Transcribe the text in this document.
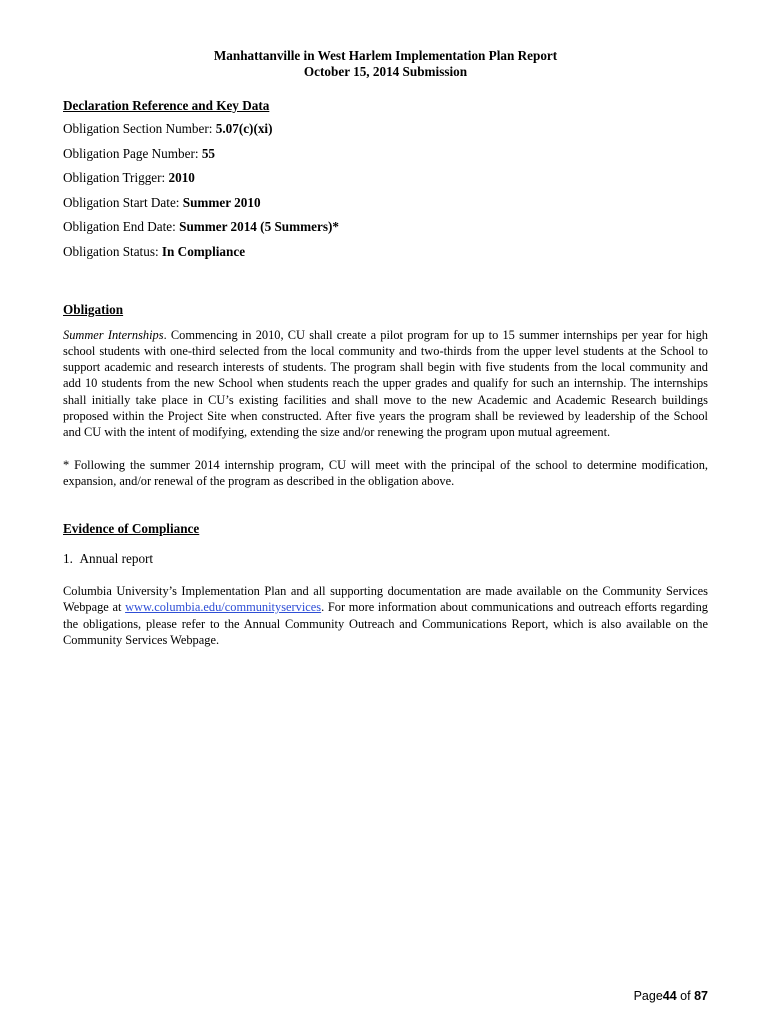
Manhattanville in West Harlem Implementation Plan Report
October 15, 2014 Submission
Declaration Reference and Key Data
Obligation Section Number: 5.07(c)(xi)
Obligation Page Number: 55
Obligation Trigger: 2010
Obligation Start Date: Summer 2010
Obligation End Date: Summer 2014 (5 Summers)*
Obligation Status: In Compliance
Obligation
Summer Internships. Commencing in 2010, CU shall create a pilot program for up to 15 summer internships per year for high school students with one-third selected from the local community and two-thirds from the upper level students at the School to support academic and research interests of students. The program shall begin with five students from the local community and add 10 students from the new School when students reach the upper grades and qualify for such an internship. The internships shall initially take place in CU’s existing facilities and shall move to the new Academic and Academic Research buildings proposed within the Project Site when constructed. After five years the program shall be reviewed by leadership of the School and CU with the intent of modifying, extending the size and/or renewing the program upon mutual agreement.
* Following the summer 2014 internship program, CU will meet with the principal of the school to determine modification, expansion, and/or renewal of the program as described in the obligation above.
Evidence of Compliance
1. Annual report
Columbia University’s Implementation Plan and all supporting documentation are made available on the Community Services Webpage at www.columbia.edu/communityservices. For more information about communications and outreach efforts regarding the obligations, please refer to the Annual Community Outreach and Communications Report, which is also available on the Community Services Webpage.
Page44 of 87
